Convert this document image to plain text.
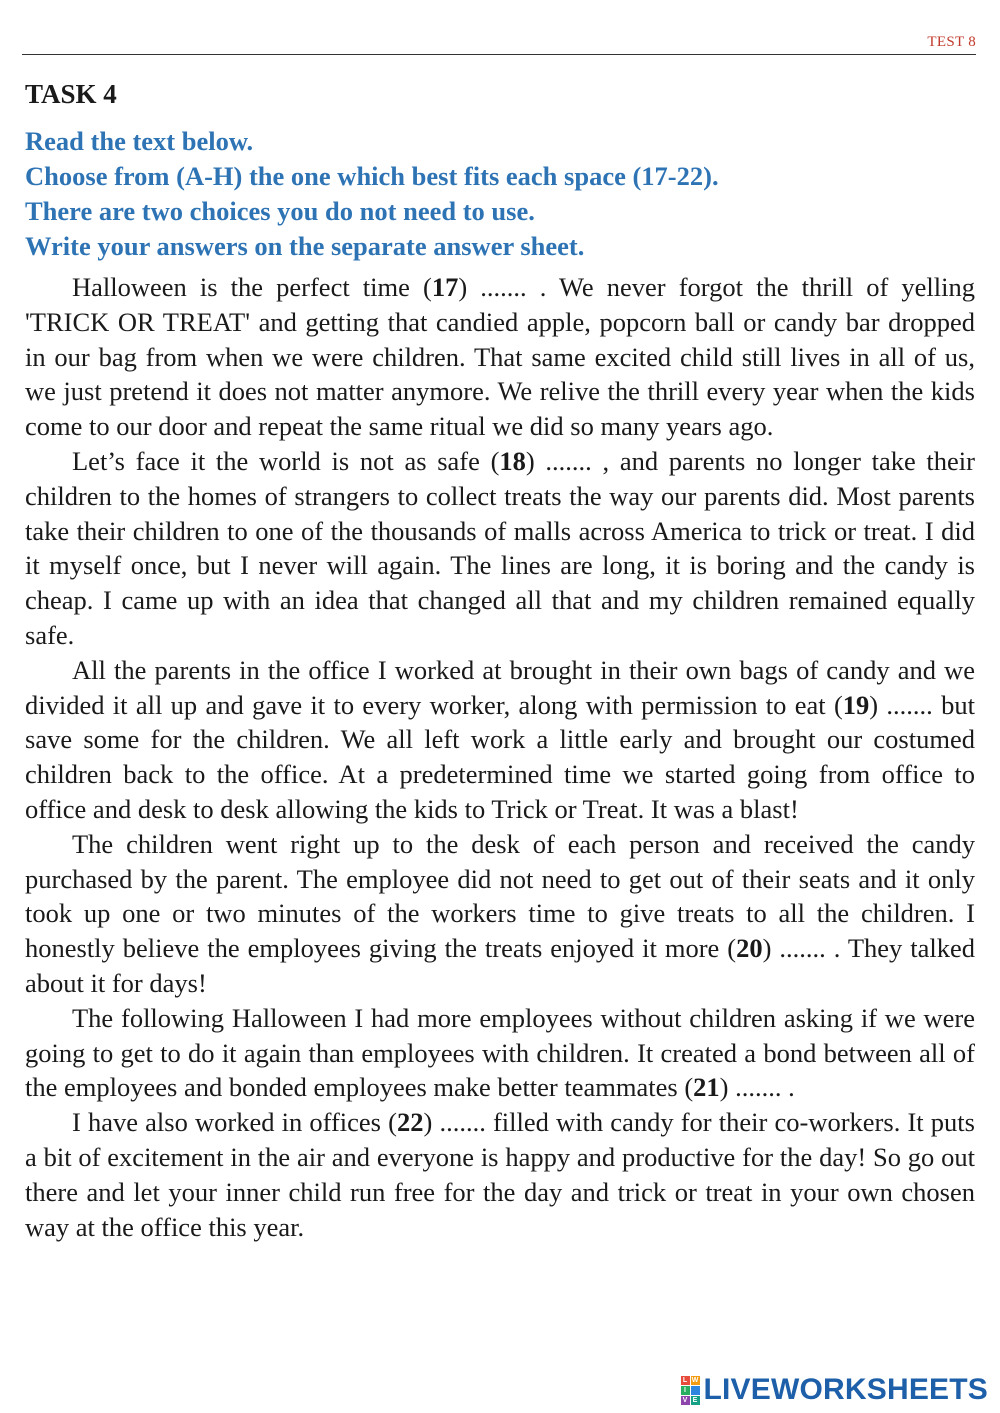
TEST 8
TASK 4
Read the text below.
Choose from (A-H) the one which best fits each space (17-22).
There are two choices you do not need to use.
Write your answers on the separate answer sheet.

Halloween is the perfect time (17) ....... . We never forgot the thrill of yelling 'TRICK OR TREAT' and getting that candied apple, popcorn ball or candy bar dropped in our bag from when we were children. That same excited child still lives in all of us, we just pretend it does not matter anymore. We relive the thrill every year when the kids come to our door and repeat the same ritual we did so many years ago.

Let’s face it the world is not as safe (18) ....... , and parents no longer take their children to the homes of strangers to collect treats the way our parents did. Most parents take their children to one of the thousands of malls across America to trick or treat. I did it myself once, but I never will again. The lines are long, it is boring and the candy is cheap. I came up with an idea that changed all that and my children remained equally safe.

All the parents in the office I worked at brought in their own bags of candy and we divided it all up and gave it to every worker, along with permission to eat (19) ....... but save some for the children. We all left work a little early and brought our costumed children back to the office. At a predetermined time we started going from office to office and desk to desk allowing the kids to Trick or Treat. It was a blast!

The children went right up to the desk of each person and received the candy purchased by the parent. The employee did not need to get out of their seats and it only took up one or two minutes of the workers time to give treats to all the children. I honestly believe the employees giving the treats enjoyed it more (20) ....... . They talked about it for days!

The following Halloween I had more employees without children asking if we were going to get to do it again than employees with children. It created a bond between all of the employees and bonded employees make better teammates (21) ....... .

I have also worked in offices (22) ....... filled with candy for their co-workers. It puts a bit of excitement in the air and everyone is happy and productive for the day! So go out there and let your inner child run free for the day and trick or treat in your own chosen way at the office this year.

L W
I
V E LIVEWORKSHEETS
